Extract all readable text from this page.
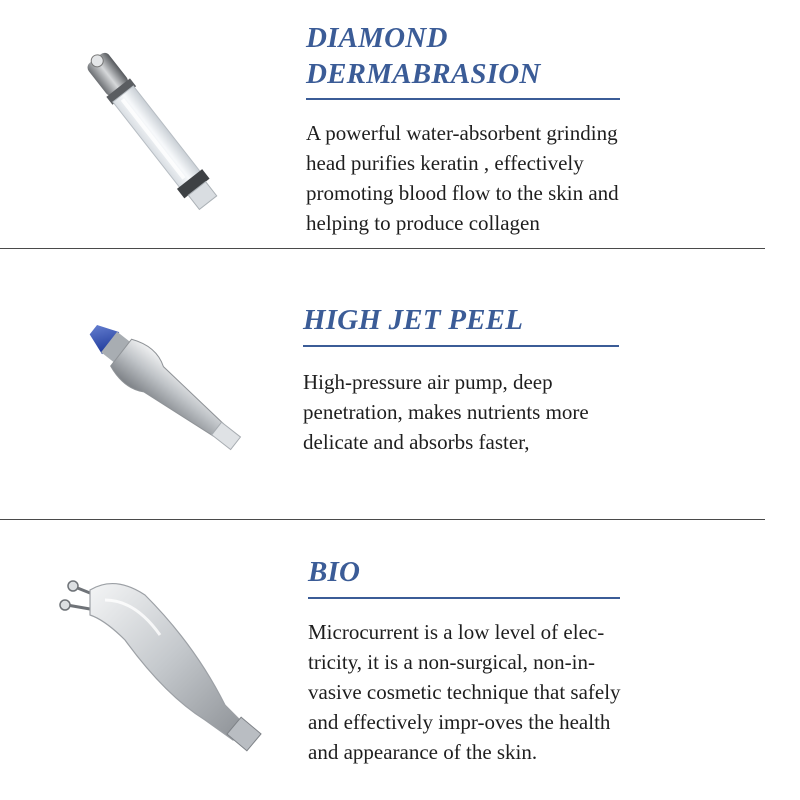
DIAMOND
DERMABRASION

A powerful water-absorbent grinding
head purifies keratin , effectively
promoting blood flow to the skin and
helping to produce collagen

HIGH JET PEEL

High-pressure air pump, deep
penetration, makes nutrients more
delicate and absorbs faster,

BIO

Microcurrent is a low level of elec-
tricity, it is a non-surgical, non-in-
vasive cosmetic technique that safely
and effectively impr-oves the health
and appearance of the skin.
